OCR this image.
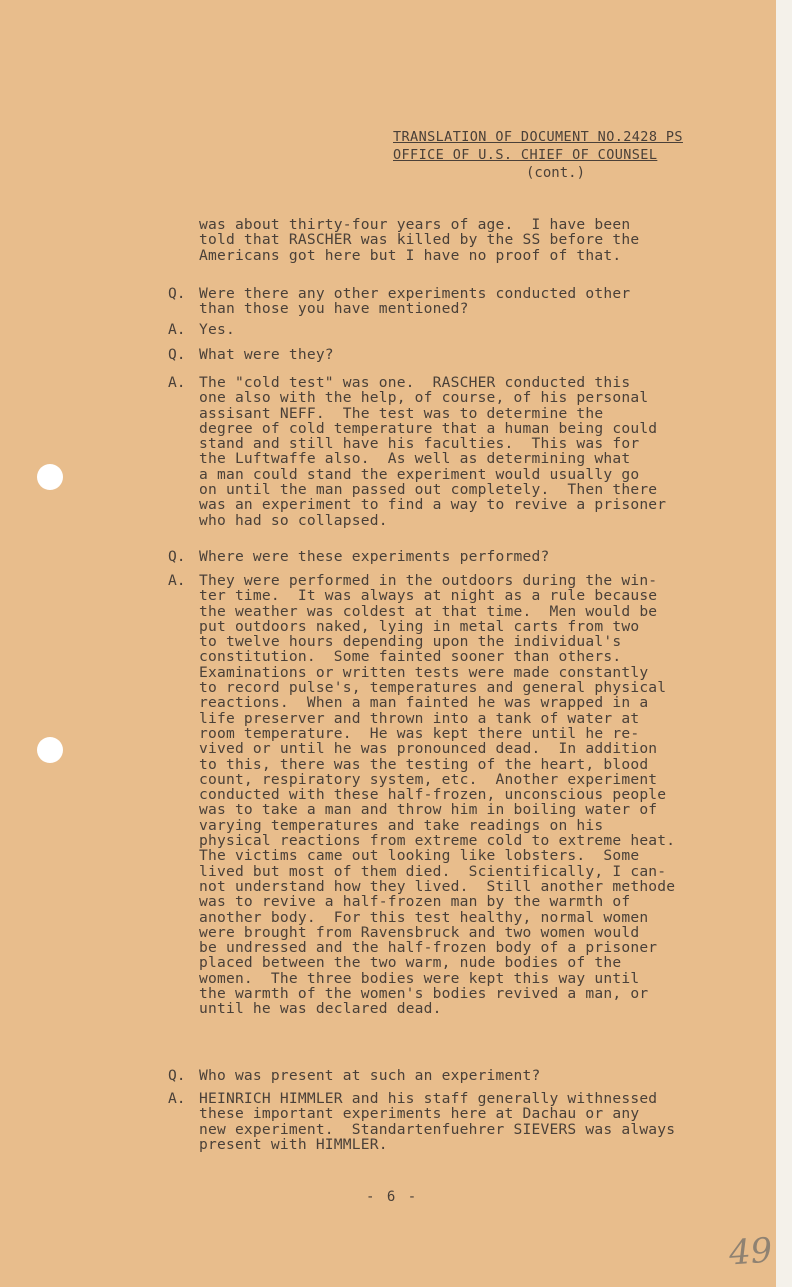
TRANSLATION OF DOCUMENT NO.2428 PS
OFFICE OF U.S. CHIEF OF COUNSEL
(cont.)
was about thirty-four years of age.  I have been
told that RASCHER was killed by the SS before the
Americans got here but I have no proof of that.
Q. Were there any other experiments conducted other
than those you have mentioned?
A. Yes.
Q. What were they?
A. The "cold test" was one.  RASCHER conducted this
one also with the help, of course, of his personal
assisant NEFF.  The test was to determine the
degree of cold temperature that a human being could
stand and still have his faculties.  This was for
the Luftwaffe also.  As well as determining what
a man could stand the experiment would usually go
on until the man passed out completely.  Then there
was an experiment to find a way to revive a prisoner
who had so collapsed.
Q. Where were these experiments performed?
A. They were performed in the outdoors during the win-
ter time.  It was always at night as a rule because
the weather was coldest at that time.  Men would be
put outdoors naked, lying in metal carts from two
to twelve hours depending upon the individual's
constitution.  Some fainted sooner than others.
Examinations or written tests were made constantly
to record pulse's, temperatures and general physical
reactions.  When a man fainted he was wrapped in a
life preserver and thrown into a tank of water at
room temperature.  He was kept there until he re-
vived or until he was pronounced dead.  In addition
to this, there was the testing of the heart, blood
count, respiratory system, etc.  Another experiment
conducted with these half-frozen, unconscious people
was to take a man and throw him in boiling water of
varying temperatures and take readings on his
physical reactions from extreme cold to extreme heat.
The victims came out looking like lobsters.  Some
lived but most of them died.  Scientifically, I can-
not understand how they lived.  Still another methode
was to revive a half-frozen man by the warmth of
another body.  For this test healthy, normal women
were brought from Ravensbruck and two women would
be undressed and the half-frozen body of a prisoner
placed between the two warm, nude bodies of the
women.  The three bodies were kept this way until
the warmth of the women's bodies revived a man, or
until he was declared dead.
Q. Who was present at such an experiment?
A. HEINRICH HIMMLER and his staff generally withnessed
these important experiments here at Dachau or any
new experiment.  Standartenfuehrer SIEVERS was always
present with HIMMLER.
- 6 -
49
